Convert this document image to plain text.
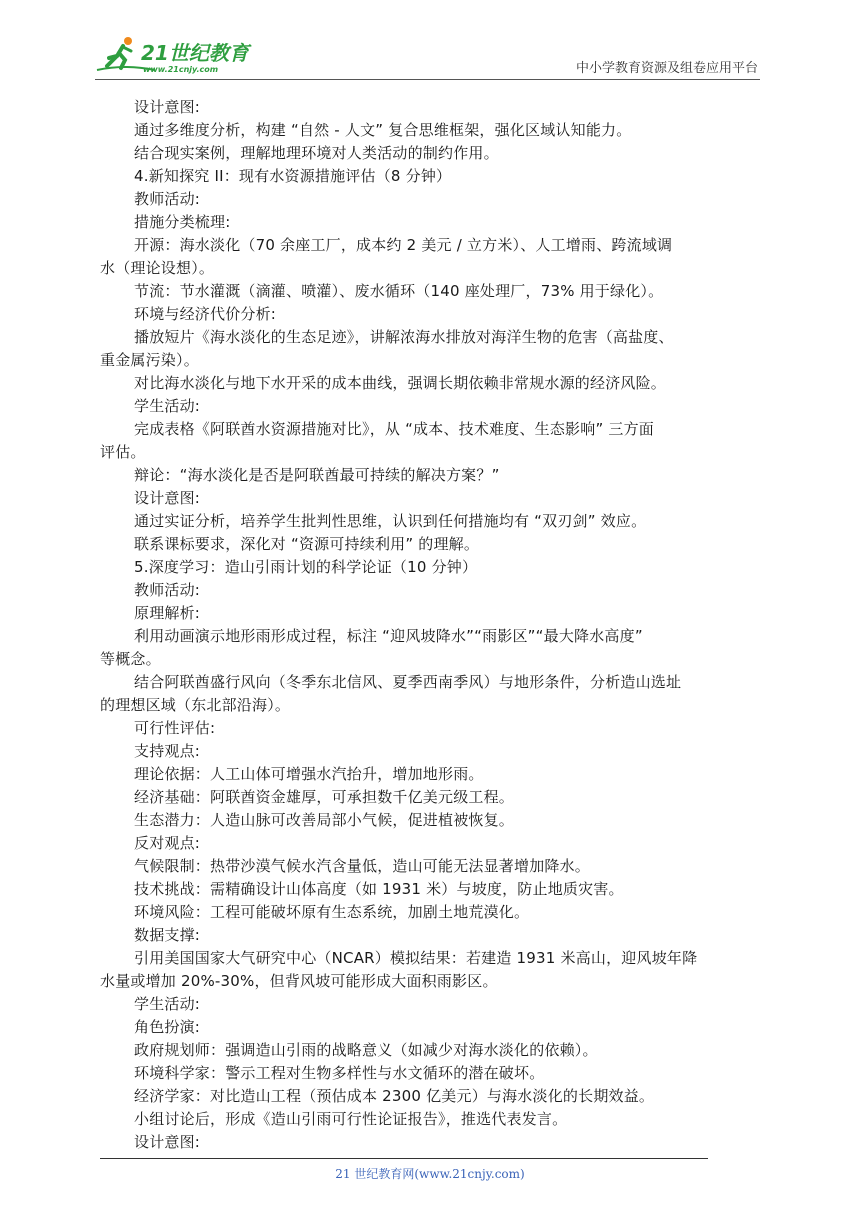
21世纪教育
www.21cnjy.com	中小学教育资源及组卷应用平台
设计意图:
通过多维度分析，构建 “自然 - 人文” 复合思维框架，强化区域认知能力。
结合现实案例，理解地理环境对人类活动的制约作用。
4.新知探究 II：现有水资源措施评估（8 分钟）
教师活动:
措施分类梳理:
开源：海水淡化（70 余座工厂，成本约 2 美元 / 立方米）、人工增雨、跨流域调
水（理论设想）。
节流：节水灌溉（滴灌、喷灌）、废水循环（140 座处理厂，73% 用于绿化）。
环境与经济代价分析:
播放短片《海水淡化的生态足迹》，讲解浓海水排放对海洋生物的危害（高盐度、
重金属污染）。
对比海水淡化与地下水开采的成本曲线，强调长期依赖非常规水源的经济风险。
学生活动:
完成表格《阿联酋水资源措施对比》，从 “成本、技术难度、生态影响” 三方面
评估。
辩论：“海水淡化是否是阿联酋最可持续的解决方案？”
设计意图:
通过实证分析，培养学生批判性思维，认识到任何措施均有 “双刃剑” 效应。
联系课标要求，深化对 “资源可持续利用” 的理解。
5.深度学习：造山引雨计划的科学论证（10 分钟）
教师活动:
原理解析:
利用动画演示地形雨形成过程，标注 “迎风坡降水”“雨影区”“最大降水高度”
等概念。
结合阿联酋盛行风向（冬季东北信风、夏季西南季风）与地形条件，分析造山选址
的理想区域（东北部沿海）。
可行性评估:
支持观点:
理论依据：人工山体可增强水汽抬升，增加地形雨。
经济基础：阿联酋资金雄厚，可承担数千亿美元级工程。
生态潜力：人造山脉可改善局部小气候，促进植被恢复。
反对观点:
气候限制：热带沙漠气候水汽含量低，造山可能无法显著增加降水。
技术挑战：需精确设计山体高度（如 1931 米）与坡度，防止地质灾害。
环境风险：工程可能破坏原有生态系统，加剧土地荒漠化。
数据支撑:
引用美国国家大气研究中心（NCAR）模拟结果：若建造 1931 米高山，迎风坡年降
水量或增加 20%-30%，但背风坡可能形成大面积雨影区。
学生活动:
角色扮演:
政府规划师：强调造山引雨的战略意义（如减少对海水淡化的依赖）。
环境科学家：警示工程对生物多样性与水文循环的潜在破坏。
经济学家：对比造山工程（预估成本 2300 亿美元）与海水淡化的长期效益。
小组讨论后，形成《造山引雨可行性论证报告》，推选代表发言。
设计意图:
21 世纪教育网(www.21cnjy.com)
